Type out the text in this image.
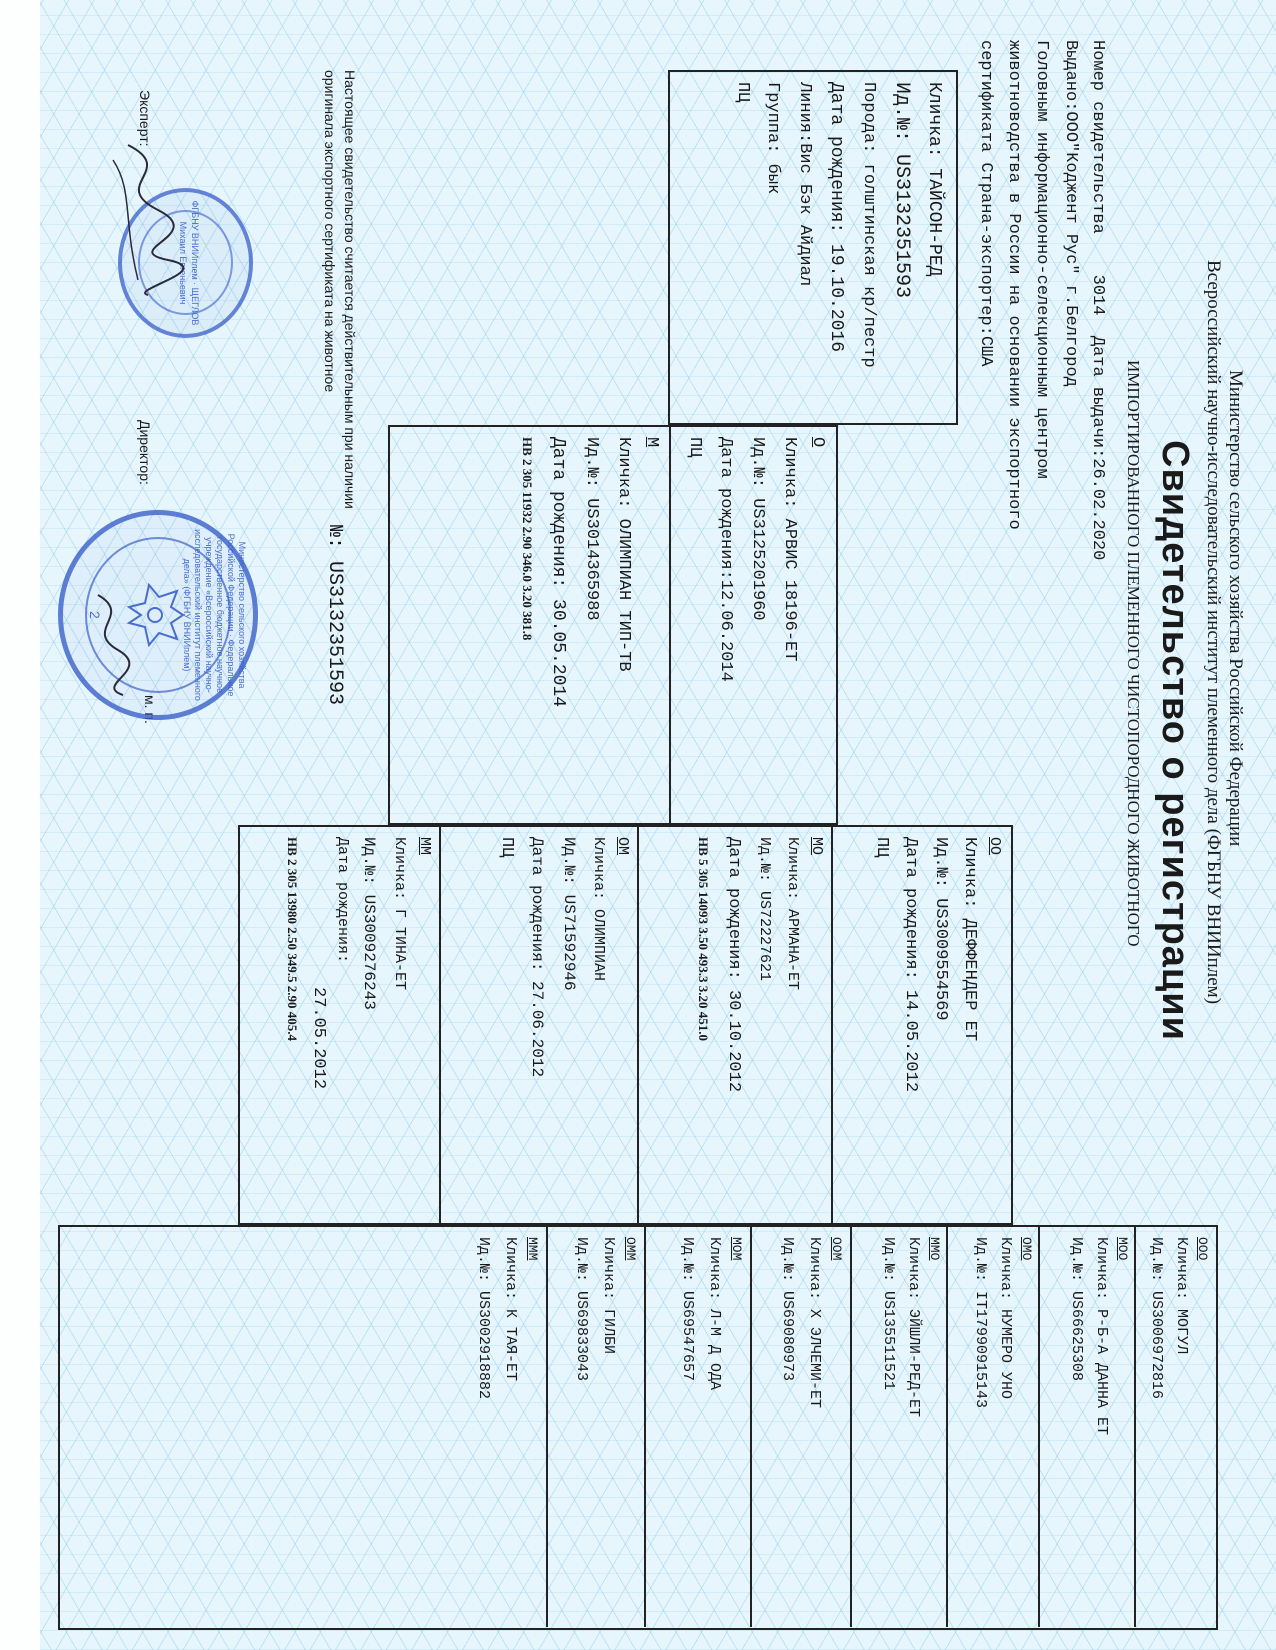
Министерство сельского хозяйства Российской Федерации
Всероссийский научно-исследовательский институт племенного дела (ФГБНУ ВНИИплем)
Свидетельство о регистрации
ИМПОРТИРОВАННОГО ПЛЕМЕННОГО ЧИСТОПОРОДНОГО ЖИВОТНОГО
Номер свидетельства    3014  Дата выдачи:26.02.2020
Выдано:ООО"Коджент Рус" г.Белгород
Головным информационно-селекционным центром
животноводства в России на основании экспортного
сертификата Страна-экспортер:США
Кличка: ТАЙСОН-РЕД
Ид.№: US3132351593
Порода: голштинская кр/пестр
Дата рождения: 19.10.2016
Линия:Вис Бэк Айдиал
Группа: бык
ПЦ
О
Кличка: АРВИС 18196-ЕТ
Ид.№: US3125201960
Дата рождения:12.06.2014
ПЦ
М
Кличка: ОЛИМПИАН ТИП-ТВ
Ид.№: US3014365988
Дата рождения: 30.05.2014
НВ 2 305 11932 2.90 346.0 3.20 381.8
ОО
Кличка: ДЕФФЕНДЕР ЕТ
Ид.№: US3009554569
Дата рождения: 14.05.2012
ПЦ
МО
Кличка: АРМАНА-ЕТ
Ид.№: US72227621
Дата рождения: 30.10.2012
НВ 5 305 14093 3.50 493.3 3.20 451.0
ОМ
Кличка: ОЛИМПИАН
Ид.№: US71592946
Дата рождения: 27.06.2012
ПЦ
ММ
Кличка: Г ТИНА-ЕТ
Ид.№: US3009276243
Дата рождения:
27.05.2012
НВ 2 305 13980 2.50 349.5 2.90 405.4
ООО
Кличка: МОГУЛ
Ид.№: US3006972816
МОО
Кличка: Р-Б-А ДАННА ЕТ
Ид.№: US66625308
ОМО
Кличка: НУМЕРО УНО
Ид.№: IT17990915143
ММО
Кличка: ЭЙШЛИ-РЕД-ЕТ
Ид.№: US135511521
ООМ
Кличка: Х ЭЛЧЕМИ-ЕТ
Ид.№: US69080973
МОМ
Кличка: Л-М Д ОДА
Ид.№: US69547657
ОММ
Кличка: ГИЛБИ
Ид.№: US69833043
МММ
Кличка: К ТАЯ-ЕТ
Ид.№: US3002918882
Настоящее свидетельство считается действительным при наличии
оригинала экспортного сертификата на животное
№: US3132351593
Эксперт:
Директор:
м. п.
ФГБНУ ВНИИплем · ЩЕГЛОВ Михаил Евгеньевич
Министерство сельского хозяйства Российской Федерации · Федеральное государственное бюджетное научное учреждение «Всероссийский научно-исследовательский институт племенного дела» (ФГБНУ ВНИИплем)
2
